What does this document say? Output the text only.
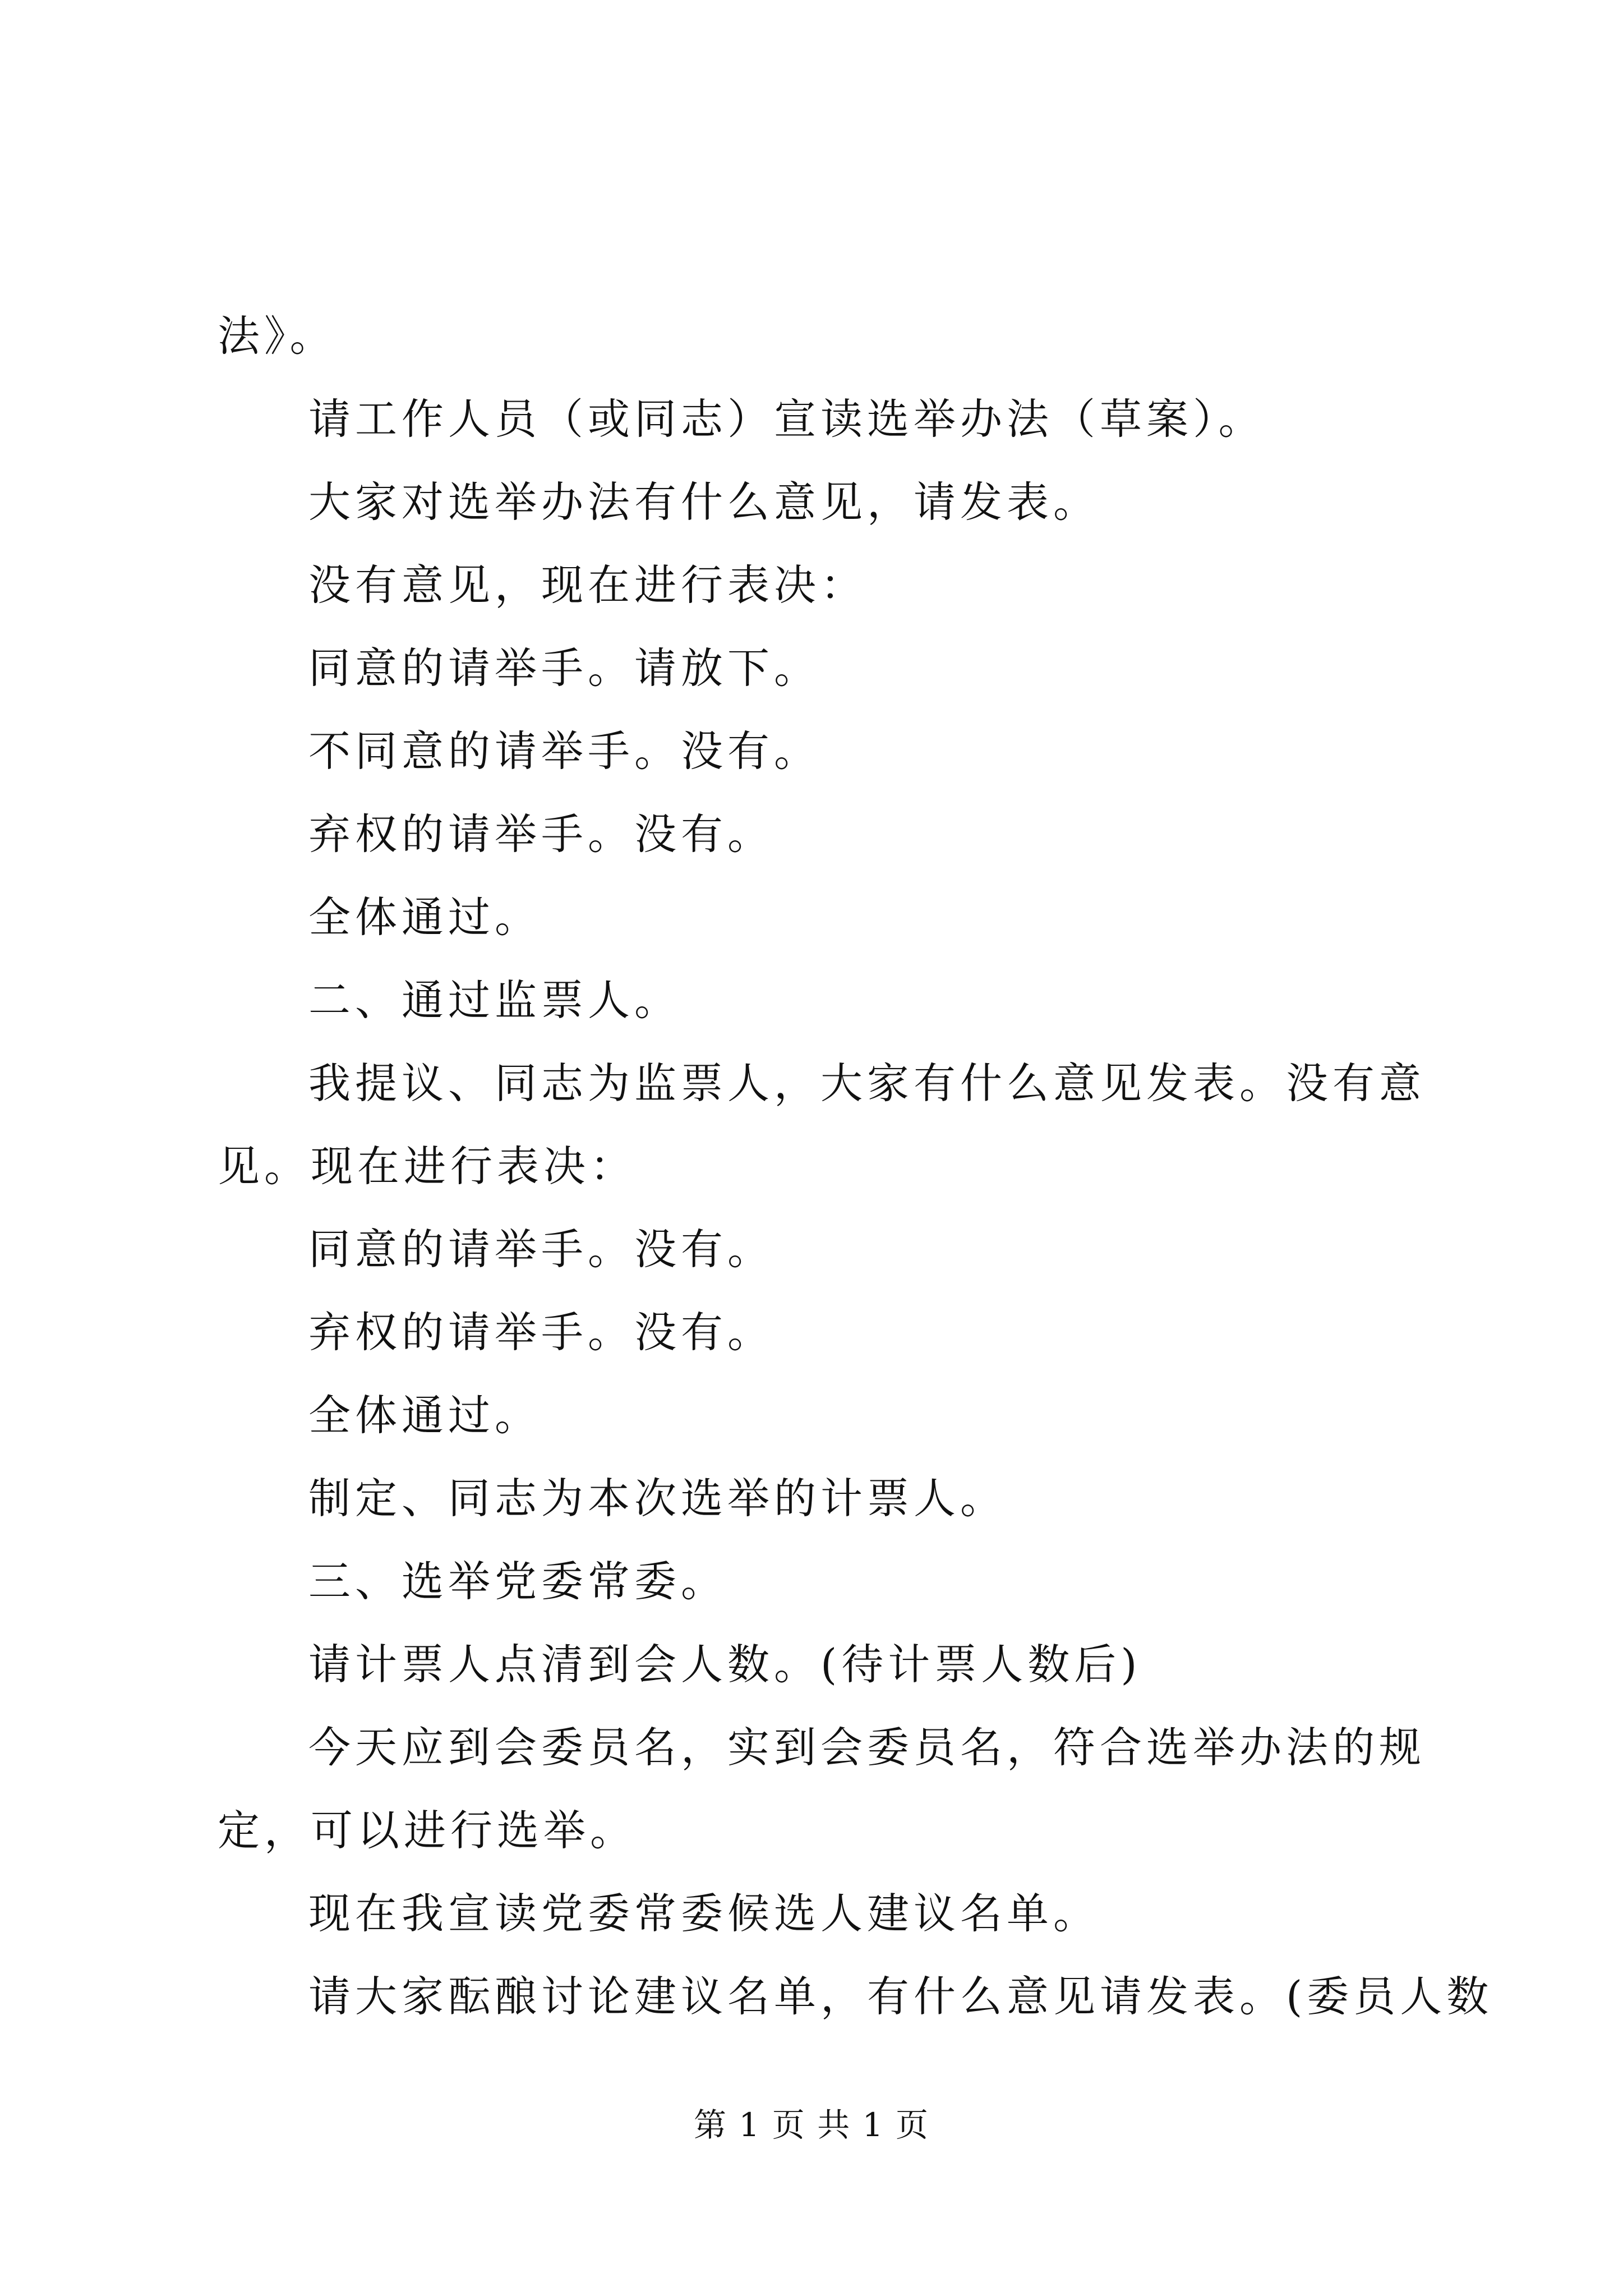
法》。

请工作人员（或同志）宣读选举办法（草案）。

大家对选举办法有什么意见，请发表。

没有意见，现在进行表决：

同意的请举手。请放下。

不同意的请举手。没有。

弃权的请举手。没有。

全体通过。

二、通过监票人。

我提议、同志为监票人，大家有什么意见发表。没有意见。现在进行表决：

同意的请举手。没有。

弃权的请举手。没有。

全体通过。

制定、同志为本次选举的计票人。

三、选举党委常委。

请计票人点清到会人数。(待计票人数后)

今天应到会委员名，实到会委员名，符合选举办法的规定，可以进行选举。

现在我宣读党委常委候选人建议名单。

请大家酝酿讨论建议名单，有什么意见请发表。(委员人数

第 1 页 共 1 页
